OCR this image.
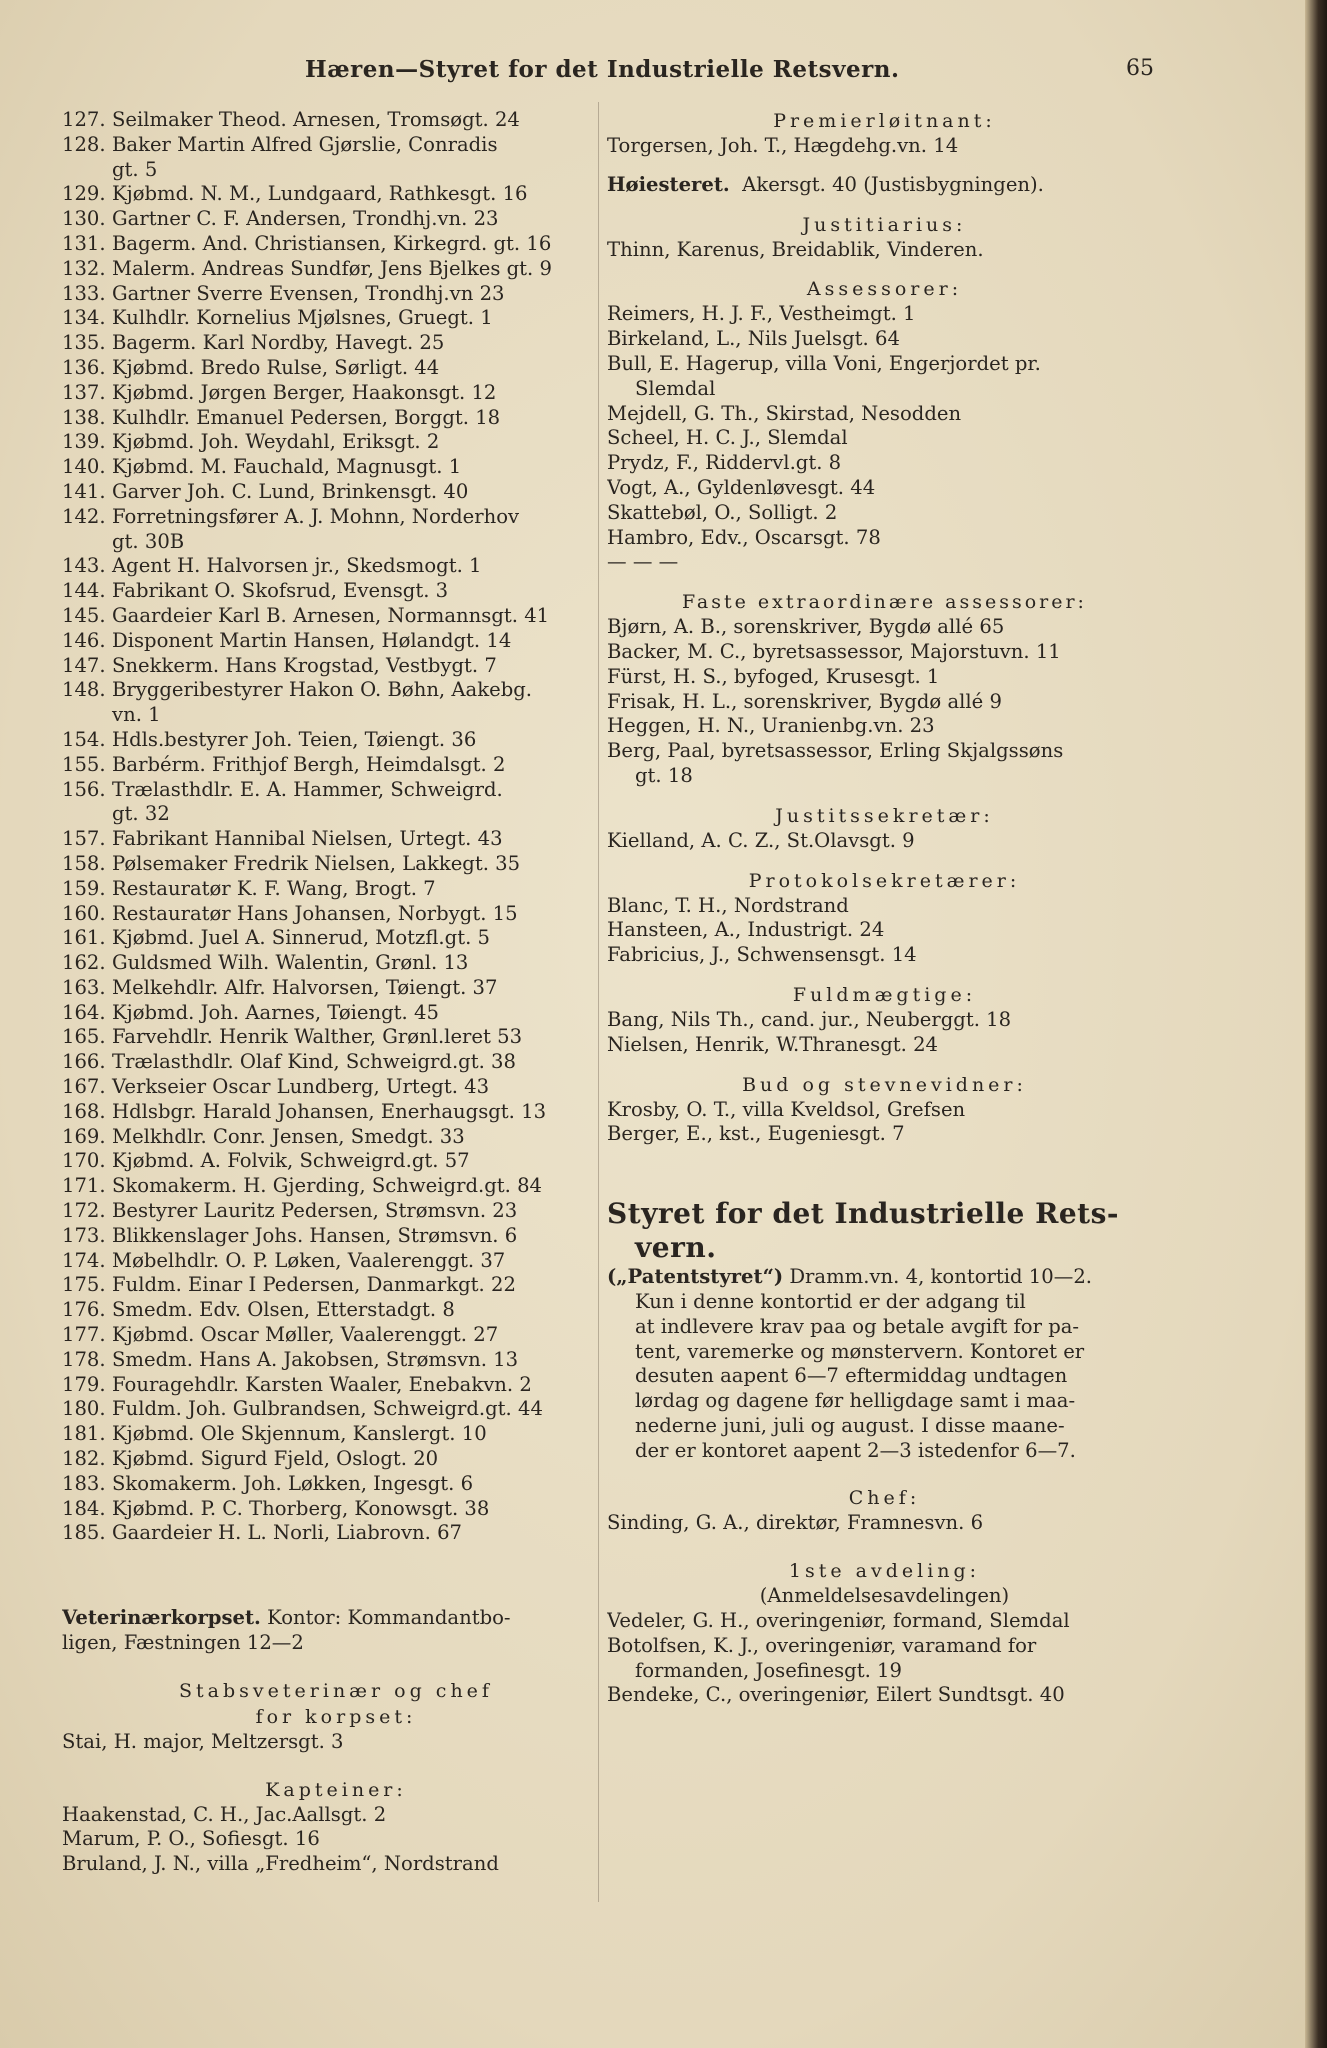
Hæren—Styret for det Industrielle Retsvern.	65
127. Seilmaker Theod. Arnesen, Tromsøgt. 24
128. Baker Martin Alfred Gjørslie, Conradis
gt. 5
129. Kjøbmd. N. M., Lundgaard, Rathkesgt. 16
130. Gartner C. F. Andersen, Trondhj.vn. 23
131. Bagerm. And. Christiansen, Kirkegrd. gt. 16
132. Malerm. Andreas Sundfør, Jens Bjelkes gt. 9
133. Gartner Sverre Evensen, Trondhj.vn 23
134. Kulhdlr. Kornelius Mjølsnes, Gruegt. 1
135. Bagerm. Karl Nordby, Havegt. 25
136. Kjøbmd. Bredo Rulse, Sørligt. 44
137. Kjøbmd. Jørgen Berger, Haakonsgt. 12
138. Kulhdlr. Emanuel Pedersen, Borggt. 18
139. Kjøbmd. Joh. Weydahl, Eriksgt. 2
140. Kjøbmd. M. Fauchald, Magnusgt. 1
141. Garver Joh. C. Lund, Brinkensgt. 40
142. Forretningsfører A. J. Mohnn, Norderhov
gt. 30B
143. Agent H. Halvorsen jr., Skedsmogt. 1
144. Fabrikant O. Skofsrud, Evensgt. 3
145. Gaardeier Karl B. Arnesen, Normannsgt. 41
146. Disponent Martin Hansen, Hølandgt. 14
147. Snekkerm. Hans Krogstad, Vestbygt. 7
148. Bryggeribestyrer Hakon O. Bøhn, Aakebg.
vn. 1
154. Hdls.bestyrer Joh. Teien, Tøiengt. 36
155. Barbérm. Frithjof Bergh, Heimdalsgt. 2
156. Trælasthdlr. E. A. Hammer, Schweigrd.
gt. 32
157. Fabrikant Hannibal Nielsen, Urtegt. 43
158. Pølsemaker Fredrik Nielsen, Lakkegt. 35
159. Restauratør K. F. Wang, Brogt. 7
160. Restauratør Hans Johansen, Norbygt. 15
161. Kjøbmd. Juel A. Sinnerud, Motzfl.gt. 5
162. Guldsmed Wilh. Walentin, Grønl. 13
163. Melkehdlr. Alfr. Halvorsen, Tøiengt. 37
164. Kjøbmd. Joh. Aarnes, Tøiengt. 45
165. Farvehdlr. Henrik Walther, Grønl.leret 53
166. Trælasthdlr. Olaf Kind, Schweigrd.gt. 38
167. Verkseier Oscar Lundberg, Urtegt. 43
168. Hdlsbgr. Harald Johansen, Enerhaugsgt. 13
169. Melkhdlr. Conr. Jensen, Smedgt. 33
170. Kjøbmd. A. Folvik, Schweigrd.gt. 57
171. Skomakerm. H. Gjerding, Schweigrd.gt. 84
172. Bestyrer Lauritz Pedersen, Strømsvn. 23
173. Blikkenslager Johs. Hansen, Strømsvn. 6
174. Møbelhdlr. O. P. Løken, Vaalerenggt. 37
175. Fuldm. Einar I Pedersen, Danmarkgt. 22
176. Smedm. Edv. Olsen, Etterstadgt. 8
177. Kjøbmd. Oscar Møller, Vaalerenggt. 27
178. Smedm. Hans A. Jakobsen, Strømsvn. 13
179. Fouragehdlr. Karsten Waaler, Enebakvn. 2
180. Fuldm. Joh. Gulbrandsen, Schweigrd.gt. 44
181. Kjøbmd. Ole Skjennum, Kanslergt. 10
182. Kjøbmd. Sigurd Fjeld, Oslogt. 20
183. Skomakerm. Joh. Løkken, Ingesgt. 6
184. Kjøbmd. P. C. Thorberg, Konowsgt. 38
185. Gaardeier H. L. Norli, Liabrovn. 67
Veterinærkorpset. Kontor: Kommandantbo-
ligen, Fæstningen 12—2
Stabsveterinær og chef
for korpset:
Stai, H. major, Meltzersgt. 3
Kapteiner:
Haakenstad, C. H., Jac.Aallsgt. 2
Marum, P. O., Sofiesgt. 16
Bruland, J. N., villa „Fredheim“, Nordstrand
Premierløitnant:
Torgersen, Joh. T., Hægdehg.vn. 14
Høiesteret. Akersgt. 40 (Justisbygningen).
Justitiarius:
Thinn, Karenus, Breidablik, Vinderen.
Assessorer:
Reimers, H. J. F., Vestheimgt. 1
Birkeland, L., Nils Juelsgt. 64
Bull, E. Hagerup, villa Voni, Engerjordet pr.
Slemdal
Mejdell, G. Th., Skirstad, Nesodden
Scheel, H. C. J., Slemdal
Prydz, F., Riddervl.gt. 8
Vogt, A., Gyldenløvesgt. 44
Skattebøl, O., Solligt. 2
Hambro, Edv., Oscarsgt. 78
— — —
Faste extraordinære assessorer:
Bjørn, A. B., sorenskriver, Bygdø allé 65
Backer, M. C., byretsassessor, Majorstuvn. 11
Fürst, H. S., byfoged, Krusesgt. 1
Frisak, H. L., sorenskriver, Bygdø allé 9
Heggen, H. N., Uranienbg.vn. 23
Berg, Paal, byretsassessor, Erling Skjalgssøns
gt. 18
Justitssekretær:
Kielland, A. C. Z., St.Olavsgt. 9
Protokolsekretærer:
Blanc, T. H., Nordstrand
Hansteen, A., Industrigt. 24
Fabricius, J., Schwensensgt. 14
Fuldmægtige:
Bang, Nils Th., cand. jur., Neuberggt. 18
Nielsen, Henrik, W.Thranesgt. 24
Bud og stevnevidner:
Krosby, O. T., villa Kveldsol, Grefsen
Berger, E., kst., Eugeniesgt. 7
Styret for det Industrielle Rets-
vern.
(„Patentstyret“) Dramm.vn. 4, kontortid 10—2.
Kun i denne kontortid er der adgang til
at indlevere krav paa og betale avgift for pa-
tent, varemerke og mønstervern. Kontoret er
desuten aapent 6—7 eftermiddag undtagen
lørdag og dagene før helligdage samt i maa-
nederne juni, juli og august. I disse maane-
der er kontoret aapent 2—3 istedenfor 6—7.
Chef:
Sinding, G. A., direktør, Framnesvn. 6
1ste avdeling:
(Anmeldelsesavdelingen)
Vedeler, G. H., overingeniør, formand, Slemdal
Botolfsen, K. J., overingeniør, varamand for
formanden, Josefinesgt. 19
Bendeke, C., overingeniør, Eilert Sundtsgt. 40
